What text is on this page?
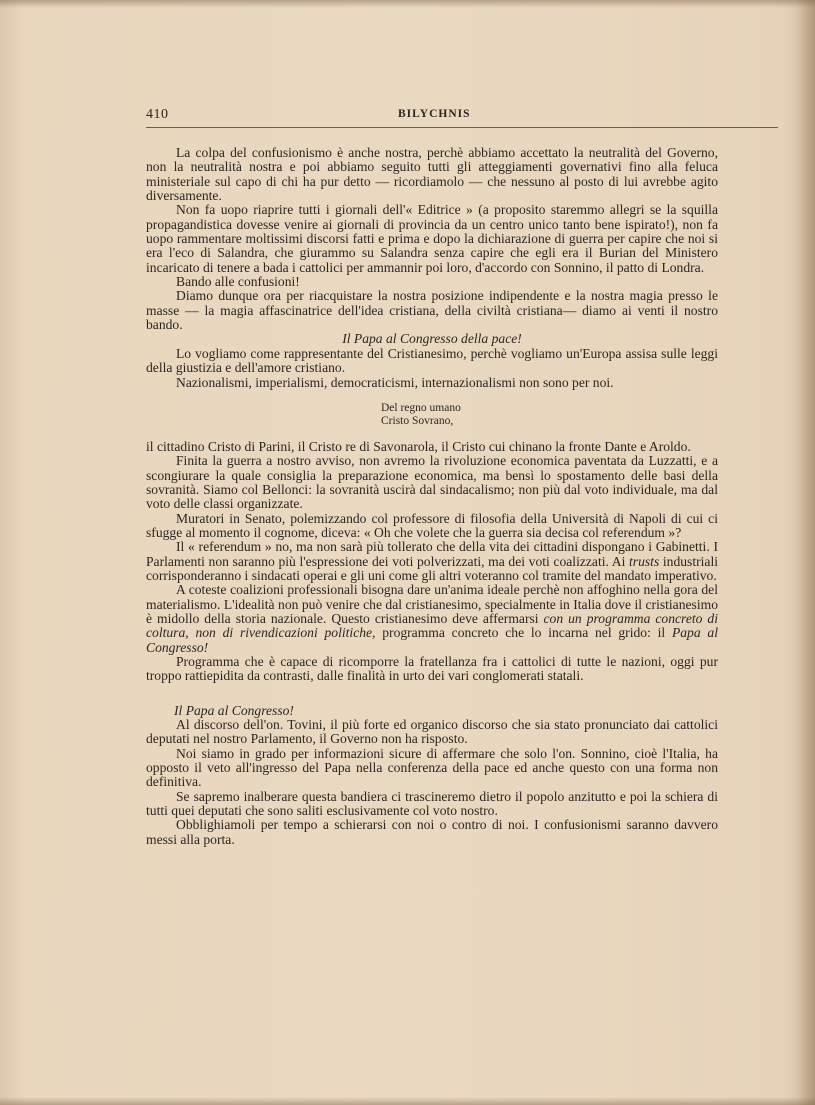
410	BILYCHNIS

La colpa del confusionismo è anche nostra, perchè abbiamo accettato la neutralità del Governo, non la neutralità nostra e poi abbiamo seguito tutti gli atteggiamenti governativi fino alla feluca ministeriale sul capo di chi ha pur detto — ricordiamolo — che nessuno al posto di lui avrebbe agito diversamente.

Non fa uopo riaprire tutti i giornali dell'« Editrice » (a proposito staremmo allegri se la squilla propagandistica dovesse venire ai giornali di provincia da un centro unico tanto bene ispirato!), non fa uopo rammentare moltissimi discorsi fatti e prima e dopo la dichiarazione di guerra per capire che noi si era l'eco di Salandra, che giurammo su Salandra senza capire che egli era il Burian del Ministero incaricato di tenere a bada i cattolici per ammannir poi loro, d'accordo con Sonnino, il patto di Londra.

Bando alle confusioni!

Diamo dunque ora per riacquistare la nostra posizione indipendente e la nostra magia presso le masse — la magia affascinatrice dell'idea cristiana, della civiltà cristiana— diamo ai venti il nostro bando.

Il Papa al Congresso della pace!

Lo vogliamo come rappresentante del Cristianesimo, perchè vogliamo un'Europa assisa sulle leggi della giustizia e dell'amore cristiano.

Nazionalismi, imperialismi, democraticismi, internazionalismi non sono per noi.

Del regno umano
Cristo Sovrano,

il cittadino Cristo di Parini, il Cristo re di Savonarola, il Cristo cui chinano la fronte Dante e Aroldo.

Finita la guerra a nostro avviso, non avremo la rivoluzione economica paventata da Luzzatti, e a scongiurare la quale consiglia la preparazione economica, ma bensì lo spostamento delle basi della sovranità. Siamo col Bellonci: la sovranità uscirà dal sindacalismo; non più dal voto individuale, ma dal voto delle classi organizzate.

Muratori in Senato, polemizzando col professore di filosofia della Università di Napoli di cui ci sfugge al momento il cognome, diceva: « Oh che volete che la guerra sia decisa col referendum »?

Il « referendum » no, ma non sarà più tollerato che della vita dei cittadini dispongano i Gabinetti. I Parlamenti non saranno più l'espressione dei voti polverizzati, ma dei voti coalizzati. Ai trusts industriali corrisponderanno i sindacati operai e gli uni come gli altri voteranno col tramite del mandato imperativo.

A coteste coalizioni professionali bisogna dare un'anima ideale perchè non affoghino nella gora del materialismo. L'idealità non può venire che dal cristianesimo, specialmente in Italia dove il cristianesimo è midollo della storia nazionale. Questo cristianesimo deve affermarsi con un programma concreto di coltura, non di rivendicazioni politiche, programma concreto che lo incarna nel grido: il Papa al Congresso!

Programma che è capace di ricomporre la fratellanza fra i cattolici di tutte le nazioni, oggi pur troppo rattiepidita da contrasti, dalle finalità in urto dei vari conglomerati statali.

Il Papa al Congresso!

Al discorso dell'on. Tovini, il più forte ed organico discorso che sia stato pronunciato dai cattolici deputati nel nostro Parlamento, il Governo non ha risposto.

Noi siamo in grado per informazioni sicure di affermare che solo l'on. Sonnino, cioè l'Italia, ha opposto il veto all'ingresso del Papa nella conferenza della pace ed anche questo con una forma non definitiva.

Se sapremo inalberare questa bandiera ci trascineremo dietro il popolo anzitutto e poi la schiera di tutti quei deputati che sono saliti esclusivamente col voto nostro.

Obblighiamoli per tempo a schierarsi con noi o contro di noi. I confusionismi saranno davvero messi alla porta.
